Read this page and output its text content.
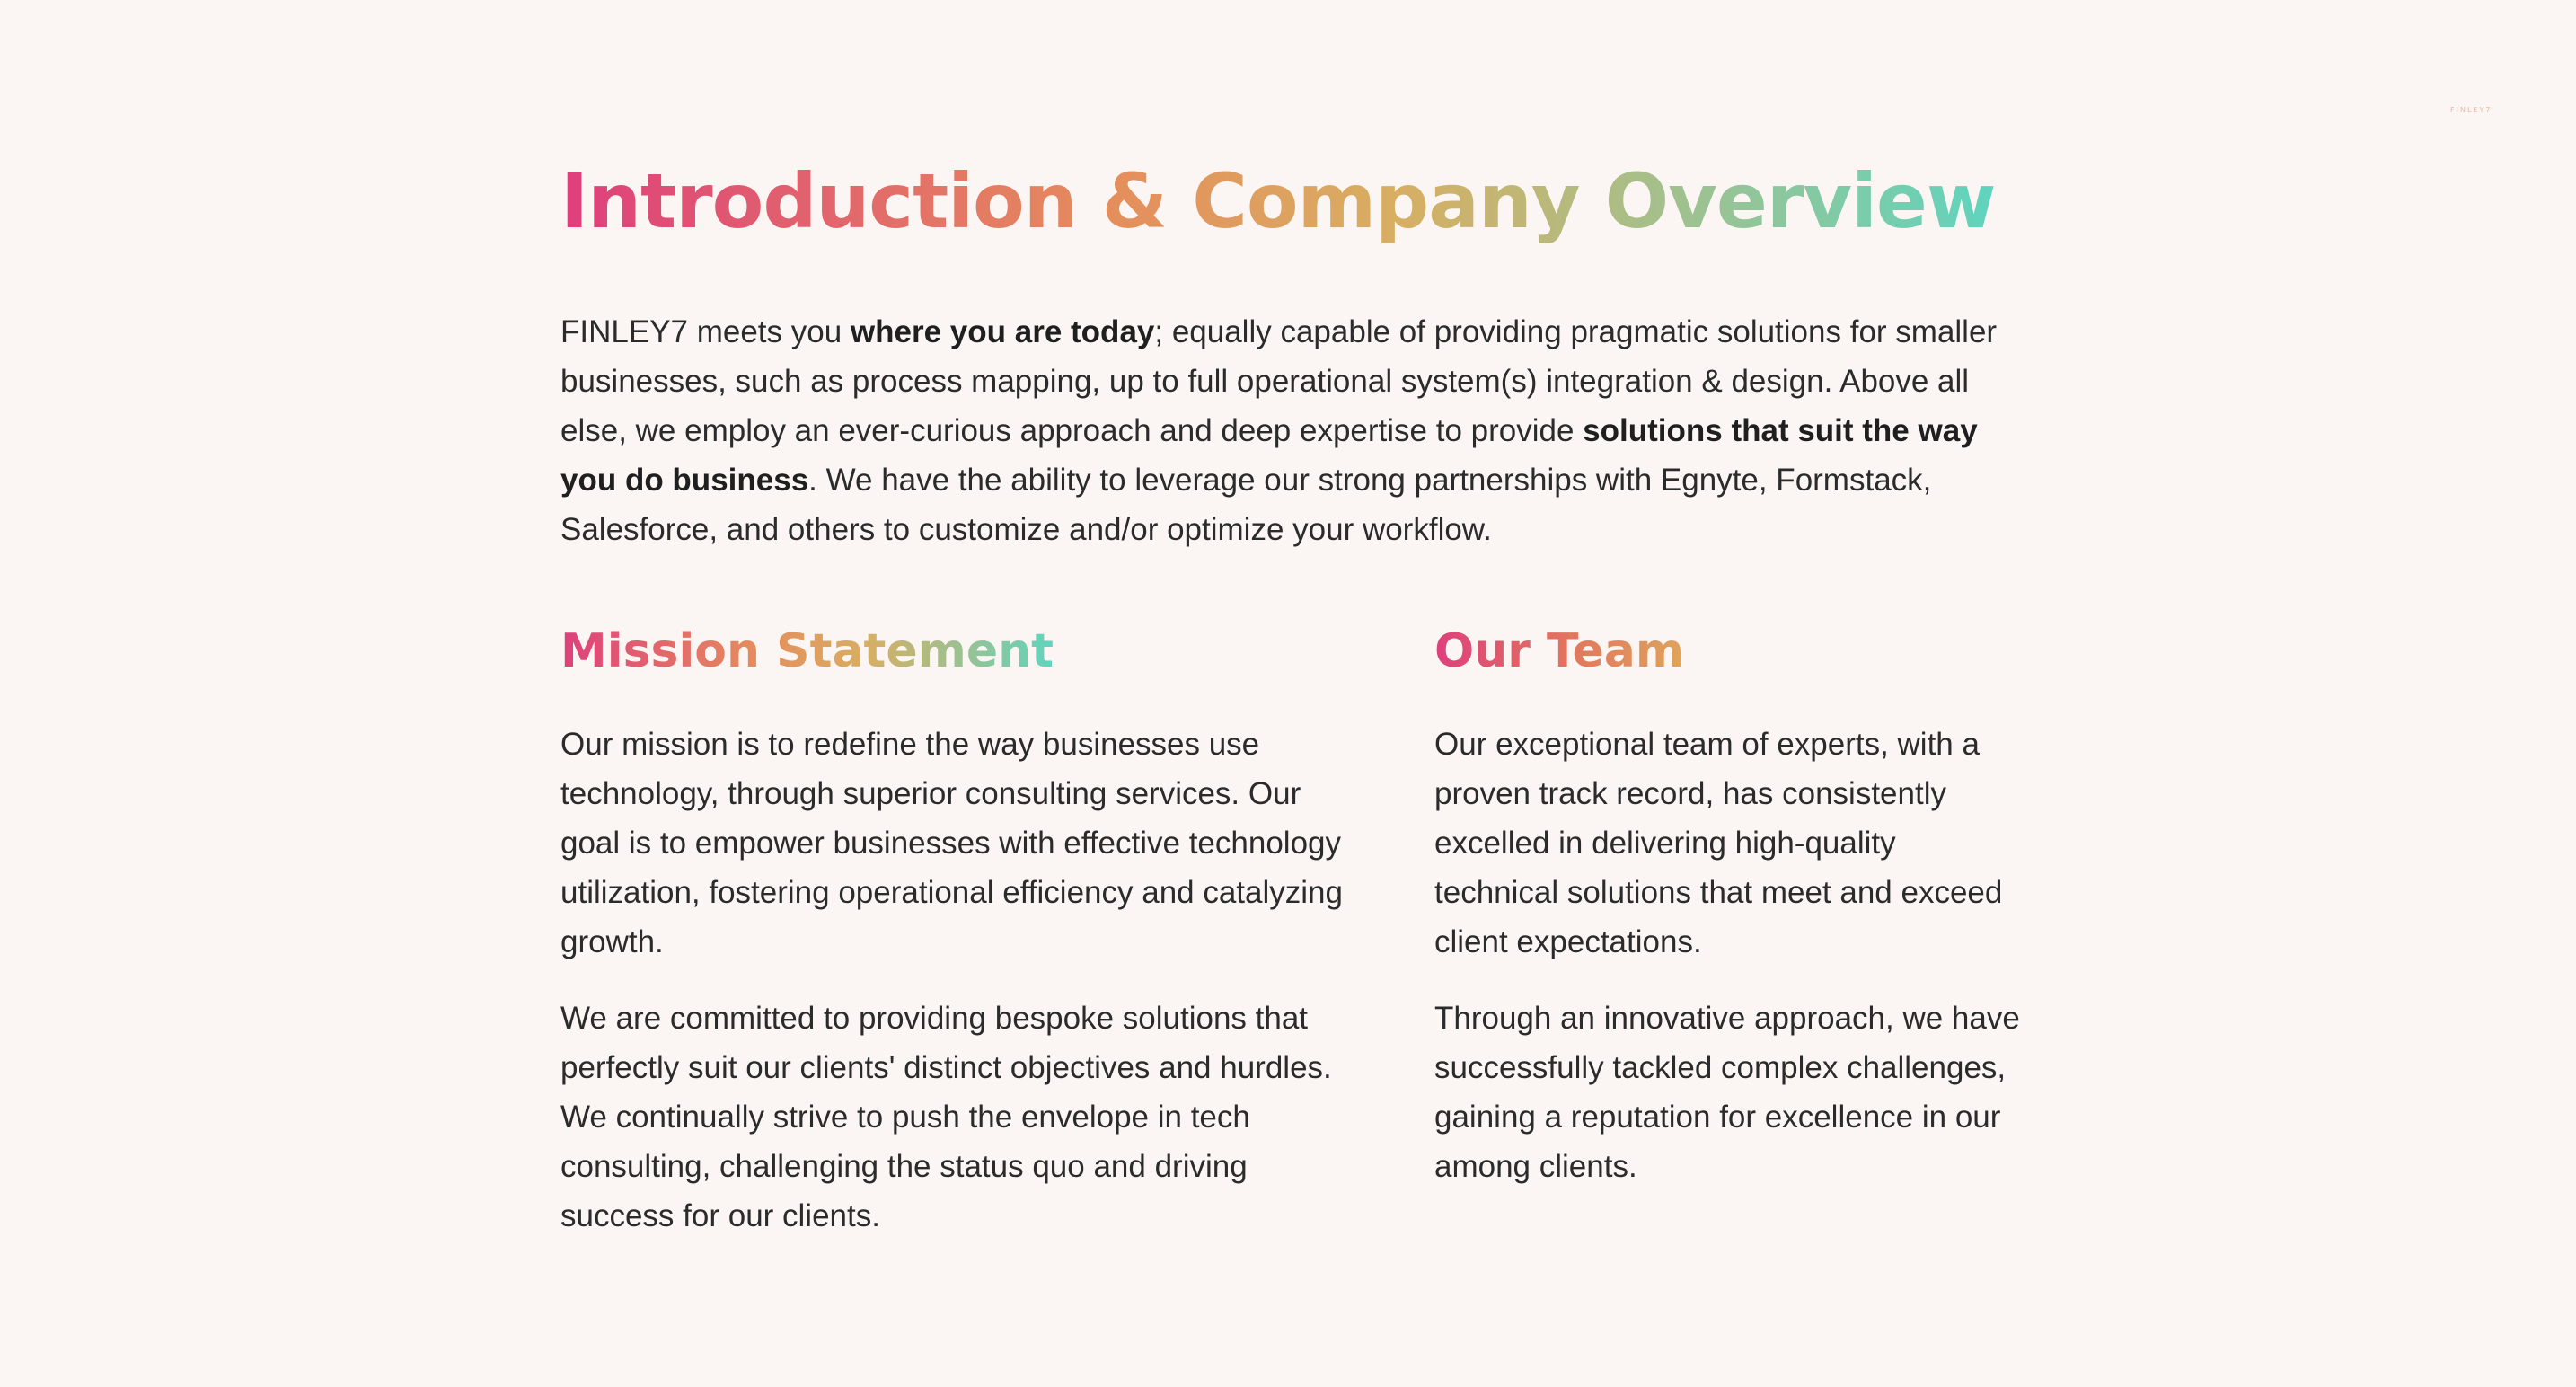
FINLEY7
Introduction & Company Overview

FINLEY7 meets you where you are today; equally capable of providing pragmatic solutions for smaller businesses, such as process mapping, up to full operational system(s) integration & design. Above all else, we employ an ever-curious approach and deep expertise to provide solutions that suit the way you do business. We have the ability to leverage our strong partnerships with Egnyte, Formstack, Salesforce, and others to customize and/or optimize your workflow.

Mission Statement

Our mission is to redefine the way businesses use technology, through superior consulting services. Our goal is to empower businesses with effective technology utilization, fostering operational efficiency and catalyzing growth.

We are committed to providing bespoke solutions that perfectly suit our clients' distinct objectives and hurdles. We continually strive to push the envelope in tech consulting, challenging the status quo and driving success for our clients.

Our Team

Our exceptional team of experts, with a proven track record, has consistently excelled in delivering high-quality technical solutions that meet and exceed client expectations.

Through an innovative approach, we have successfully tackled complex challenges, gaining a reputation for excellence in our among clients.
